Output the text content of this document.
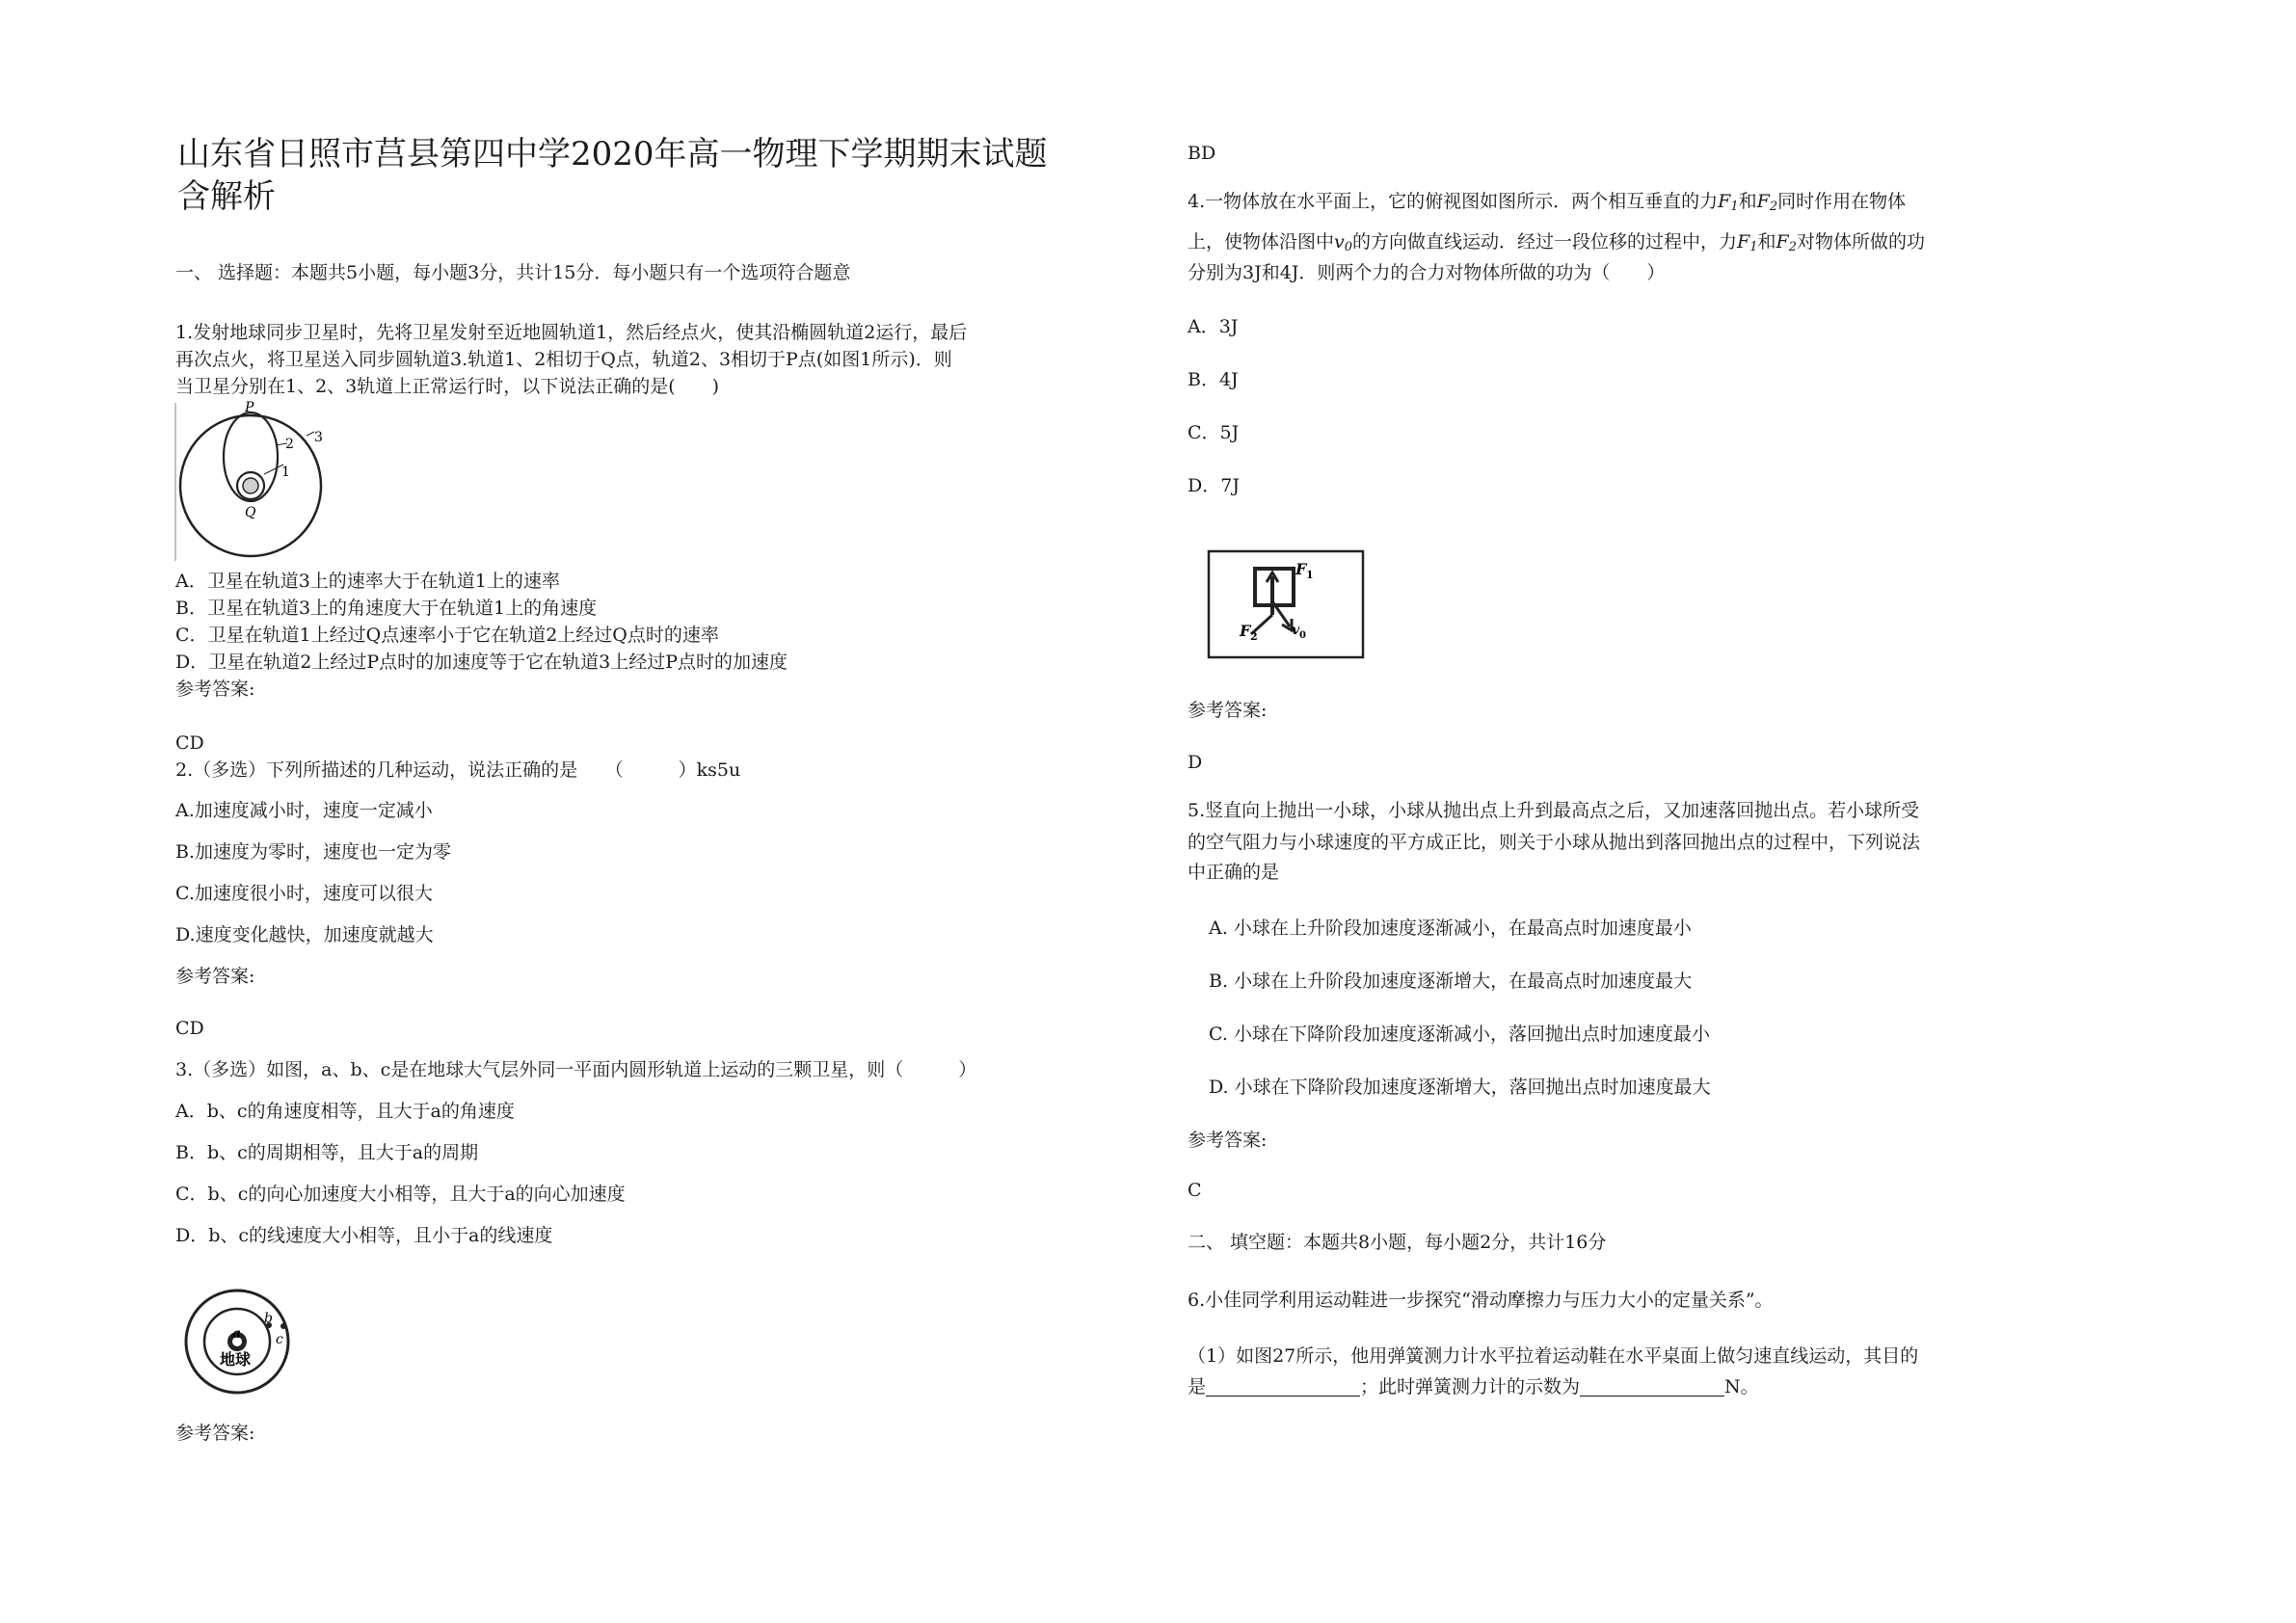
山东省日照市莒县第四中学2020年高一物理下学期期末试题
含解析
一、 选择题：本题共5小题，每小题3分，共计15分．每小题只有一个选项符合题意
1.发射地球同步卫星时，先将卫星发射至近地圆轨道1，然后经点火，使其沿椭圆轨道2运行，最后
再次点火，将卫星送入同步圆轨道3.轨道1、2相切于Q点，轨道2、3相切于P点(如图1所示)．则
当卫星分别在1、2、3轨道上正常运行时，以下说法正确的是(　　)
P
Q
1
2 3
A．卫星在轨道3上的速率大于在轨道1上的速率
B．卫星在轨道3上的角速度大于在轨道1上的角速度
C．卫星在轨道1上经过Q点速率小于它在轨道2上经过Q点时的速率
D．卫星在轨道2上经过P点时的加速度等于它在轨道3上经过P点时的加速度
参考答案:
CD
2.（多选）下列所描述的几种运动，说法正确的是　　（　　　）ks5u
A.加速度减小时，速度一定减小
B.加速度为零时，速度也一定为零
C.加速度很小时，速度可以很大
D.速度变化越快，加速度就越大
参考答案:
CD
3.（多选）如图，a、b、c是在地球大气层外同一平面内圆形轨道上运动的三颗卫星，则（　　　）
A．b、c的角速度相等，且大于a的角速度
B．b、c的周期相等，且大于a的周期
C．b、c的向心加速度大小相等，且大于a的向心加速度
D．b、c的线速度大小相等，且小于a的线速度
a
b
c
地球
参考答案:
BD
4.一物体放在水平面上，它的俯视图如图所示．两个相互垂直的力$F_1$和$F_2$同时作用在物体
上，使物体沿图中$v_0$的方向做直线运动．经过一段位移的过程中，力$F_1$和$F_2$对物体所做的功
分别为3J和4J．则两个力的合力对物体所做的功为（　　）
A．3J
B．4J
C．5J
D．7J
F 1
F 2	v 0
参考答案:
D
5.竖直向上抛出一小球，小球从抛出点上升到最高点之后，又加速落回抛出点。若小球所受
的空气阻力与小球速度的平方成正比，则关于小球从抛出到落回抛出点的过程中，下列说法
中正确的是
A. 小球在上升阶段加速度逐渐减小，在最高点时加速度最小
B. 小球在上升阶段加速度逐渐增大，在最高点时加速度最大
C. 小球在下降阶段加速度逐渐减小，落回抛出点时加速度最小
D. 小球在下降阶段加速度逐渐增大，落回抛出点时加速度最大
参考答案:
C
二、 填空题：本题共8小题，每小题2分，共计16分
6.小佳同学利用运动鞋进一步探究“滑动摩擦力与压力大小的定量关系”。
（1）如图27所示，他用弹簧测力计水平拉着运动鞋在水平桌面上做匀速直线运动，其目的
是	；此时弹簧测力计的示数为	N。
